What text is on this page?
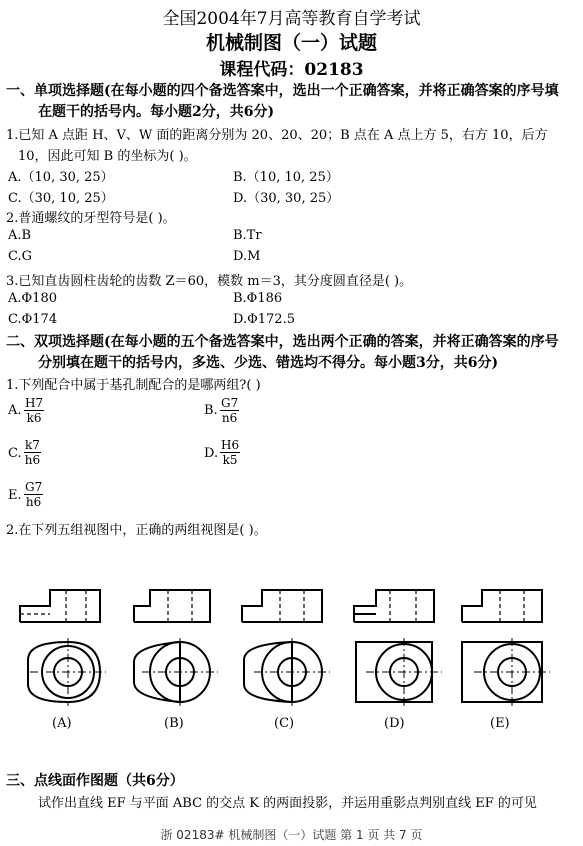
全国2004年7月高等教育自学考试
机械制图（一）试题
课程代码：02183
一、单项选择题(在每小题的四个备选答案中，选出一个正确答案，并将正确答案的序号填
在题干的括号内。每小题2分，共6分)
1.已知 A 点距 H、V、W 面的距离分别为 20、20、20；B 点在 A 点上方 5，右方 10，后方
10，因此可知 B 的坐标为( )。
A.（10, 30, 25）	B.（10, 10, 25）
C.（30, 10, 25）	D.（30, 30, 25）
2.普通螺纹的牙型符号是( )。
A.B	B.Tr
C.G	D.M
3.已知直齿圆柱齿轮的齿数 Z＝60，模数 m＝3，其分度圆直径是( )。
A.Φ180	B.Φ186
C.Φ174	D.Φ172.5
二、双项选择题(在每小题的五个备选答案中，选出两个正确的答案，并将正确答案的序号
分别填在题干的括号内，多选、少选、错选均不得分。每小题3分，共6分)
1.下列配合中属于基孔制配合的是哪两组?( )
A. $\frac{H7}{k6}$	B. $\frac{G7}{n6}$
C. $\frac{k7}{h6}$	D. $\frac{H6}{k5}$
E. $\frac{G7}{h6}$
2.在下列五组视图中，正确的两组视图是( )。
(A)	(B)	(C)	(D)	(E)
三、点线面作图题（共6分）
试作出直线 EF 与平面 ABC 的交点 K 的两面投影，并运用重影点判别直线 EF 的可见
浙 02183# 机械制图（一）试题 第 1 页 共 7 页
